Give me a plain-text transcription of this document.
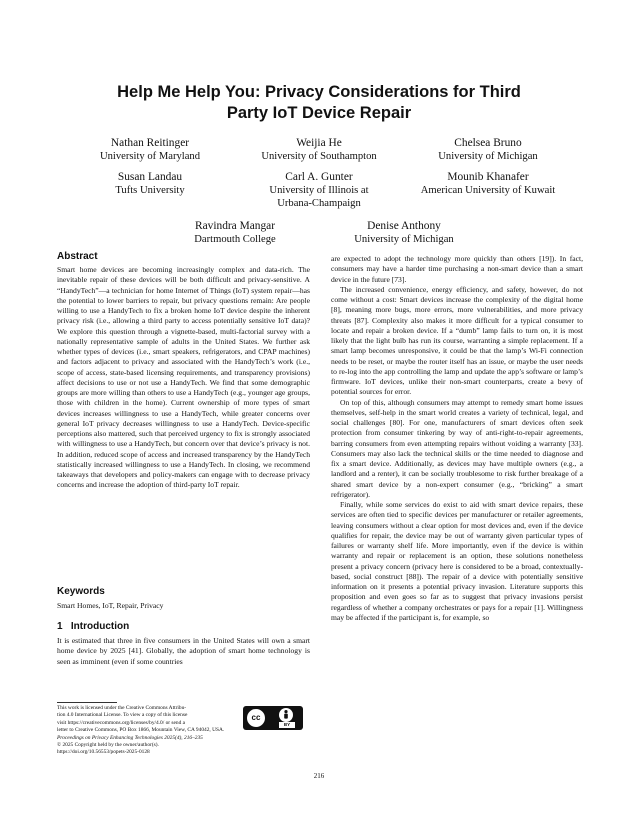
Help Me Help You: Privacy Considerations for Third Party IoT Device Repair
Nathan Reitinger
University of Maryland
Weijia He
University of Southampton
Chelsea Bruno
University of Michigan
Susan Landau
Tufts University
Carl A. Gunter
University of Illinois at Urbana-Champaign
Mounib Khanafer
American University of Kuwait
Ravindra Mangar
Dartmouth College
Denise Anthony
University of Michigan
Abstract

Smart home devices are becoming increasingly complex and data-rich. The inevitable repair of these devices will be both difficult and privacy-sensitive. A “HandyTech”—a technician for home Internet of Things (IoT) system repair—has the potential to lower barriers to repair, but privacy questions remain: Are people willing to use a HandyTech to fix a broken home IoT device despite the inherent privacy risk (i.e., allowing a third party to access potentially sensitive IoT data)? We explore this question through a vignette-based, multi-factorial survey with a nationally representative sample of adults in the United States. We further ask whether types of devices (i.e., smart speakers, refrigerators, and CPAP machines) and factors adjacent to privacy and associated with the HandyTech’s work (i.e., scope of access, state-based licensing requirements, and transparency provisions) affect decisions to use or not use a HandyTech. We find that some demographic groups are more willing than others to use a HandyTech (e.g., younger age groups, those with children in the home). Current ownership of more types of smart devices increases willingness to use a HandyTech, while greater concerns over general IoT privacy decreases willingness to use a HandyTech. Device-specific perceptions also mattered, such that perceived urgency to fix is strongly associated with willingness to use a HandyTech, but concern over that device’s privacy is not. In addition, reduced scope of access and increased transparency by the HandyTech statistically increased willingness to use a HandyTech. In closing, we recommend takeaways that developers and policy-makers can engage with to decrease privacy concerns and increase the adoption of third-party IoT repair.

Keywords

Smart Homes, IoT, Repair, Privacy

1   Introduction

It is estimated that three in five consumers in the United States will own a smart home device by 2025 [41]. Globally, the adoption of smart home technology is seen as imminent (even if some countries

This work is licensed under the Creative Commons Attribu-
tion 4.0 International License. To view a copy of this license
visit https://creativecommons.org/licenses/by/4.0/ or send a
letter to Creative Commons, PO Box 1866, Mountain View, CA 94042, USA.
Proceedings on Privacy Enhancing Technologies 2025(4), 216–235
© 2025 Copyright held by the owner/author(s).
https://doi.org/10.56553/popets-2025-0128
cc
BY

are expected to adopt the technology more quickly than others [19]). In fact, consumers may have a harder time purchasing a non-smart device than a smart device in the future [73].

The increased convenience, energy efficiency, and safety, however, do not come without a cost: Smart devices increase the complexity of the digital home [8], meaning more bugs, more errors, more vulnerabilities, and more privacy threats [87]. Complexity also makes it more difficult for a typical consumer to locate and repair a broken device. If a “dumb” lamp fails to turn on, it is most likely that the light bulb has run its course, warranting a simple replacement. If a smart lamp becomes unresponsive, it could be that the lamp’s Wi-Fi connection needs to be reset, or maybe the router itself has an issue, or maybe the user needs to re-log into the app controlling the lamp and update the app’s software or lamp’s firmware. IoT devices, unlike their non-smart counterparts, create a bevy of potential sources for error.

On top of this, although consumers may attempt to remedy smart home issues themselves, self-help in the smart world creates a variety of technical, legal, and social challenges [80]. For one, manufacturers of smart devices often seek protection from consumer tinkering by way of anti-right-to-repair agreements, barring consumers from even attempting repairs without voiding a warranty [33]. Consumers may also lack the technical skills or the time needed to diagnose and fix a smart device. Additionally, as devices may have multiple owners (e.g., a landlord and a renter), it can be socially troublesome to risk further breakage of a shared smart device by a non-expert consumer (e.g., “bricking” a smart refrigerator).

Finally, while some services do exist to aid with smart device repairs, these services are often tied to specific devices per manufacturer or retailer agreements, leaving consumers without a clear option for most devices and, even if the device qualifies for repair, the device may be out of warranty given particular types of failures or warranty shelf life. More importantly, even if the device is within warranty and repair or replacement is an option, these solutions nonetheless present a privacy concern (privacy here is considered to be a broad, contextually-based, social construct [88]). The repair of a device with potentially sensitive information on it presents a potential privacy invasion. Literature supports this proposition and even goes so far as to suggest that privacy invasions persist regardless of whether a company orchestrates or pays for a repair [1]. Willingness may be affected if the participant is, for example, so

216
